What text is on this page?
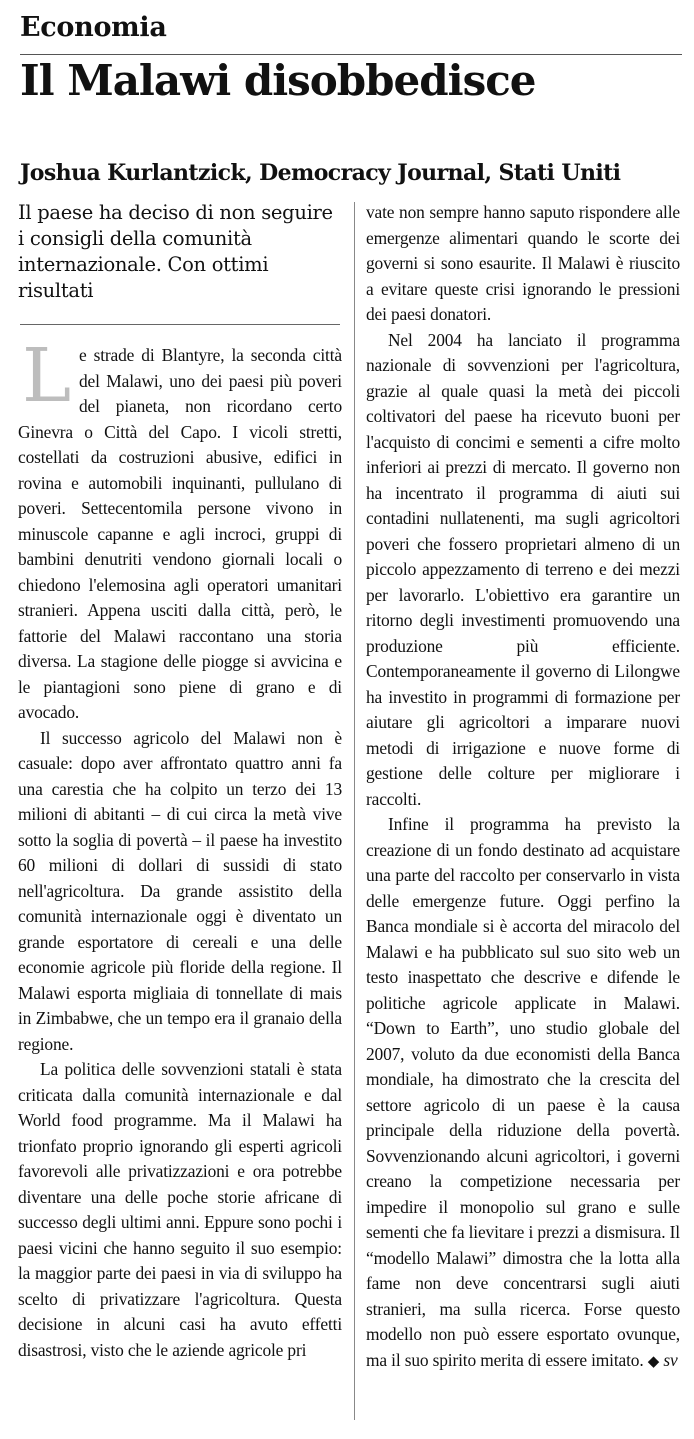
Economia
Il Malawi disobbedisce
Joshua Kurlantzick, Democracy Journal, Stati Uniti

Il paese ha deciso di non seguire i consigli della comunità internazionale. Con ottimi risultati

Le strade di Blantyre, la seconda città del Malawi, uno dei paesi più poveri del pianeta, non ricordano certo Ginevra o Città del Capo. I vicoli stretti, costellati da costruzioni abusive, edifici in rovina e automobili inquinanti, pullulano di poveri. Settecentomila persone vivono in minuscole capanne e agli incroci, gruppi di bambini denutriti vendono giornali locali o chiedono l'elemosina agli operatori umanitari stranieri. Appena usciti dalla città, però, le fattorie del Malawi raccontano una storia diversa. La stagione delle piogge si avvicina e le piantagioni sono piene di grano e di avocado.

Il successo agricolo del Malawi non è casuale: dopo aver affrontato quattro anni fa una carestia che ha colpito un terzo dei 13 milioni di abitanti – di cui circa la metà vive sotto la soglia di povertà – il paese ha investito 60 milioni di dollari di sussidi di stato nell'agricoltura. Da grande assistito della comunità internazionale oggi è diventato un grande esportatore di cereali e una delle economie agricole più floride della regione. Il Malawi esporta migliaia di tonnellate di mais in Zimbabwe, che un tempo era il granaio della regione.

La politica delle sovvenzioni statali è stata criticata dalla comunità internazionale e dal World food programme. Ma il Malawi ha trionfato proprio ignorando gli esperti agricoli favorevoli alle privatizzazioni e ora potrebbe diventare una delle poche storie africane di successo degli ultimi anni. Eppure sono pochi i paesi vicini che hanno seguito il suo esempio: la maggior parte dei paesi in via di sviluppo ha scelto di privatizzare l'agricoltura. Questa decisione in alcuni casi ha avuto effetti disastrosi, visto che le aziende agricole pri

vate non sempre hanno saputo rispondere alle emergenze alimentari quando le scorte dei governi si sono esaurite. Il Malawi è riuscito a evitare queste crisi ignorando le pressioni dei paesi donatori.

Nel 2004 ha lanciato il programma nazionale di sovvenzioni per l'agricoltura, grazie al quale quasi la metà dei piccoli coltivatori del paese ha ricevuto buoni per l'acquisto di concimi e sementi a cifre molto inferiori ai prezzi di mercato. Il governo non ha incentrato il programma di aiuti sui contadini nullatenenti, ma sugli agricoltori poveri che fossero proprietari almeno di un piccolo appezzamento di terreno e dei mezzi per lavorarlo. L'obiettivo era garantire un ritorno degli investimenti promuovendo una produzione più efficiente. Contemporaneamente il governo di Lilongwe ha investito in programmi di formazione per aiutare gli agricoltori a imparare nuovi metodi di irrigazione e nuove forme di gestione delle colture per migliorare i raccolti.

Infine il programma ha previsto la creazione di un fondo destinato ad acquistare una parte del raccolto per conservarlo in vista delle emergenze future. Oggi perfino la Banca mondiale si è accorta del miracolo del Malawi e ha pubblicato sul suo sito web un testo inaspettato che descrive e difende le politiche agricole applicate in Malawi. “Down to Earth”, uno studio globale del 2007, voluto da due economisti della Banca mondiale, ha dimostrato che la crescita del settore agricolo di un paese è la causa principale della riduzione della povertà. Sovvenzionando alcuni agricoltori, i governi creano la competizione necessaria per impedire il monopolio sul grano e sulle sementi che fa lievitare i prezzi a dismisura. Il “modello Malawi” dimostra che la lotta alla fame non deve concentrarsi sugli aiuti stranieri, ma sulla ricerca. Forse questo modello non può essere esportato ovunque, ma il suo spirito merita di essere imitato. ◆ sv
